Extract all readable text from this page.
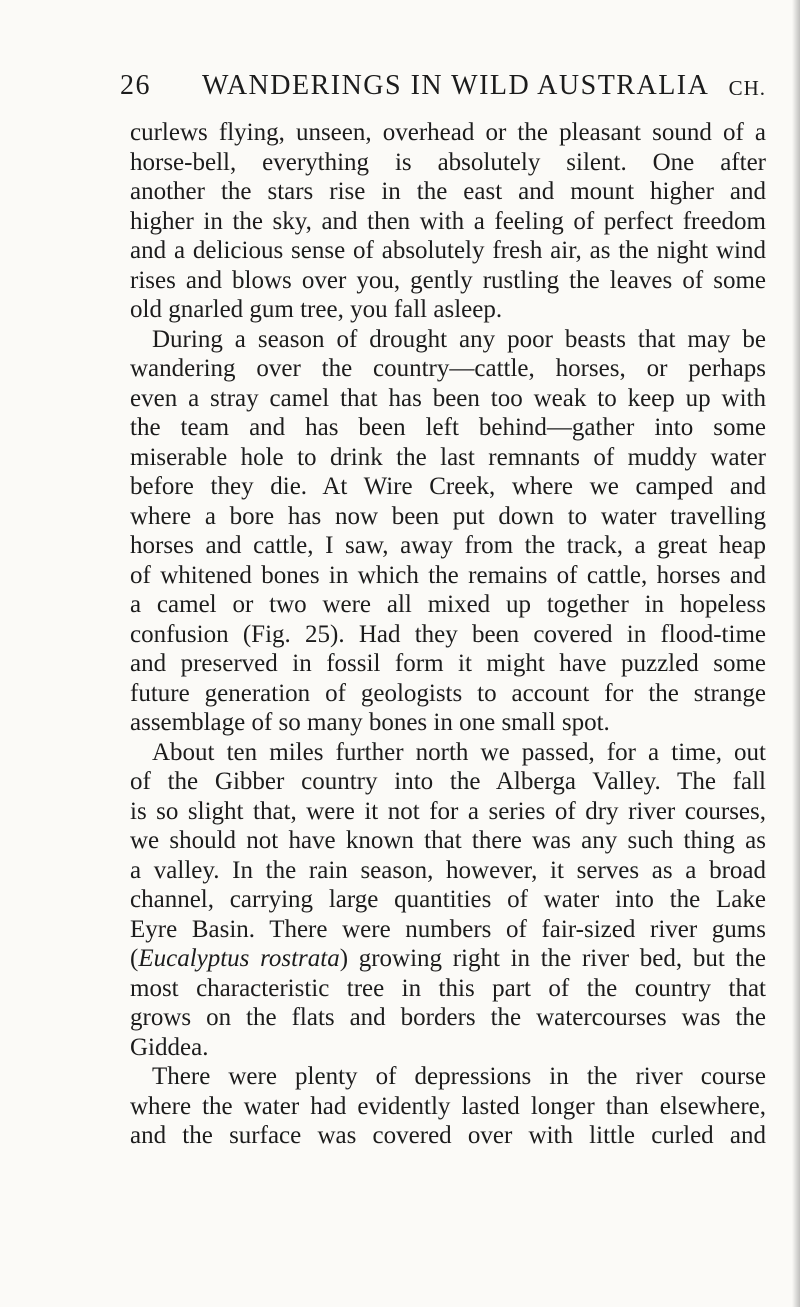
26 WANDERINGS IN WILD AUSTRALIA CH.
curlews flying, unseen, overhead or the pleasant sound of a
horse-bell, everything is absolutely silent. One after
another the stars rise in the east and mount higher and
higher in the sky, and then with a feeling of perfect freedom
and a delicious sense of absolutely fresh air, as the night wind
rises and blows over you, gently rustling the leaves of some
old gnarled gum tree, you fall asleep.
During a season of drought any poor beasts that may be
wandering over the country—cattle, horses, or perhaps
even a stray camel that has been too weak to keep up with
the team and has been left behind—gather into some
miserable hole to drink the last remnants of muddy water
before they die. At Wire Creek, where we camped and
where a bore has now been put down to water travelling
horses and cattle, I saw, away from the track, a great heap
of whitened bones in which the remains of cattle, horses and
a camel or two were all mixed up together in hopeless
confusion (Fig. 25). Had they been covered in flood-time
and preserved in fossil form it might have puzzled some
future generation of geologists to account for the strange
assemblage of so many bones in one small spot.
About ten miles further north we passed, for a time, out
of the Gibber country into the Alberga Valley. The fall
is so slight that, were it not for a series of dry river courses,
we should not have known that there was any such thing as
a valley. In the rain season, however, it serves as a broad
channel, carrying large quantities of water into the Lake
Eyre Basin. There were numbers of fair-sized river gums
(Eucalyptus rostrata) growing right in the river bed, but the
most characteristic tree in this part of the country that
grows on the flats and borders the watercourses was the
Giddea.
There were plenty of depressions in the river course
where the water had evidently lasted longer than elsewhere,
and the surface was covered over with little curled and
